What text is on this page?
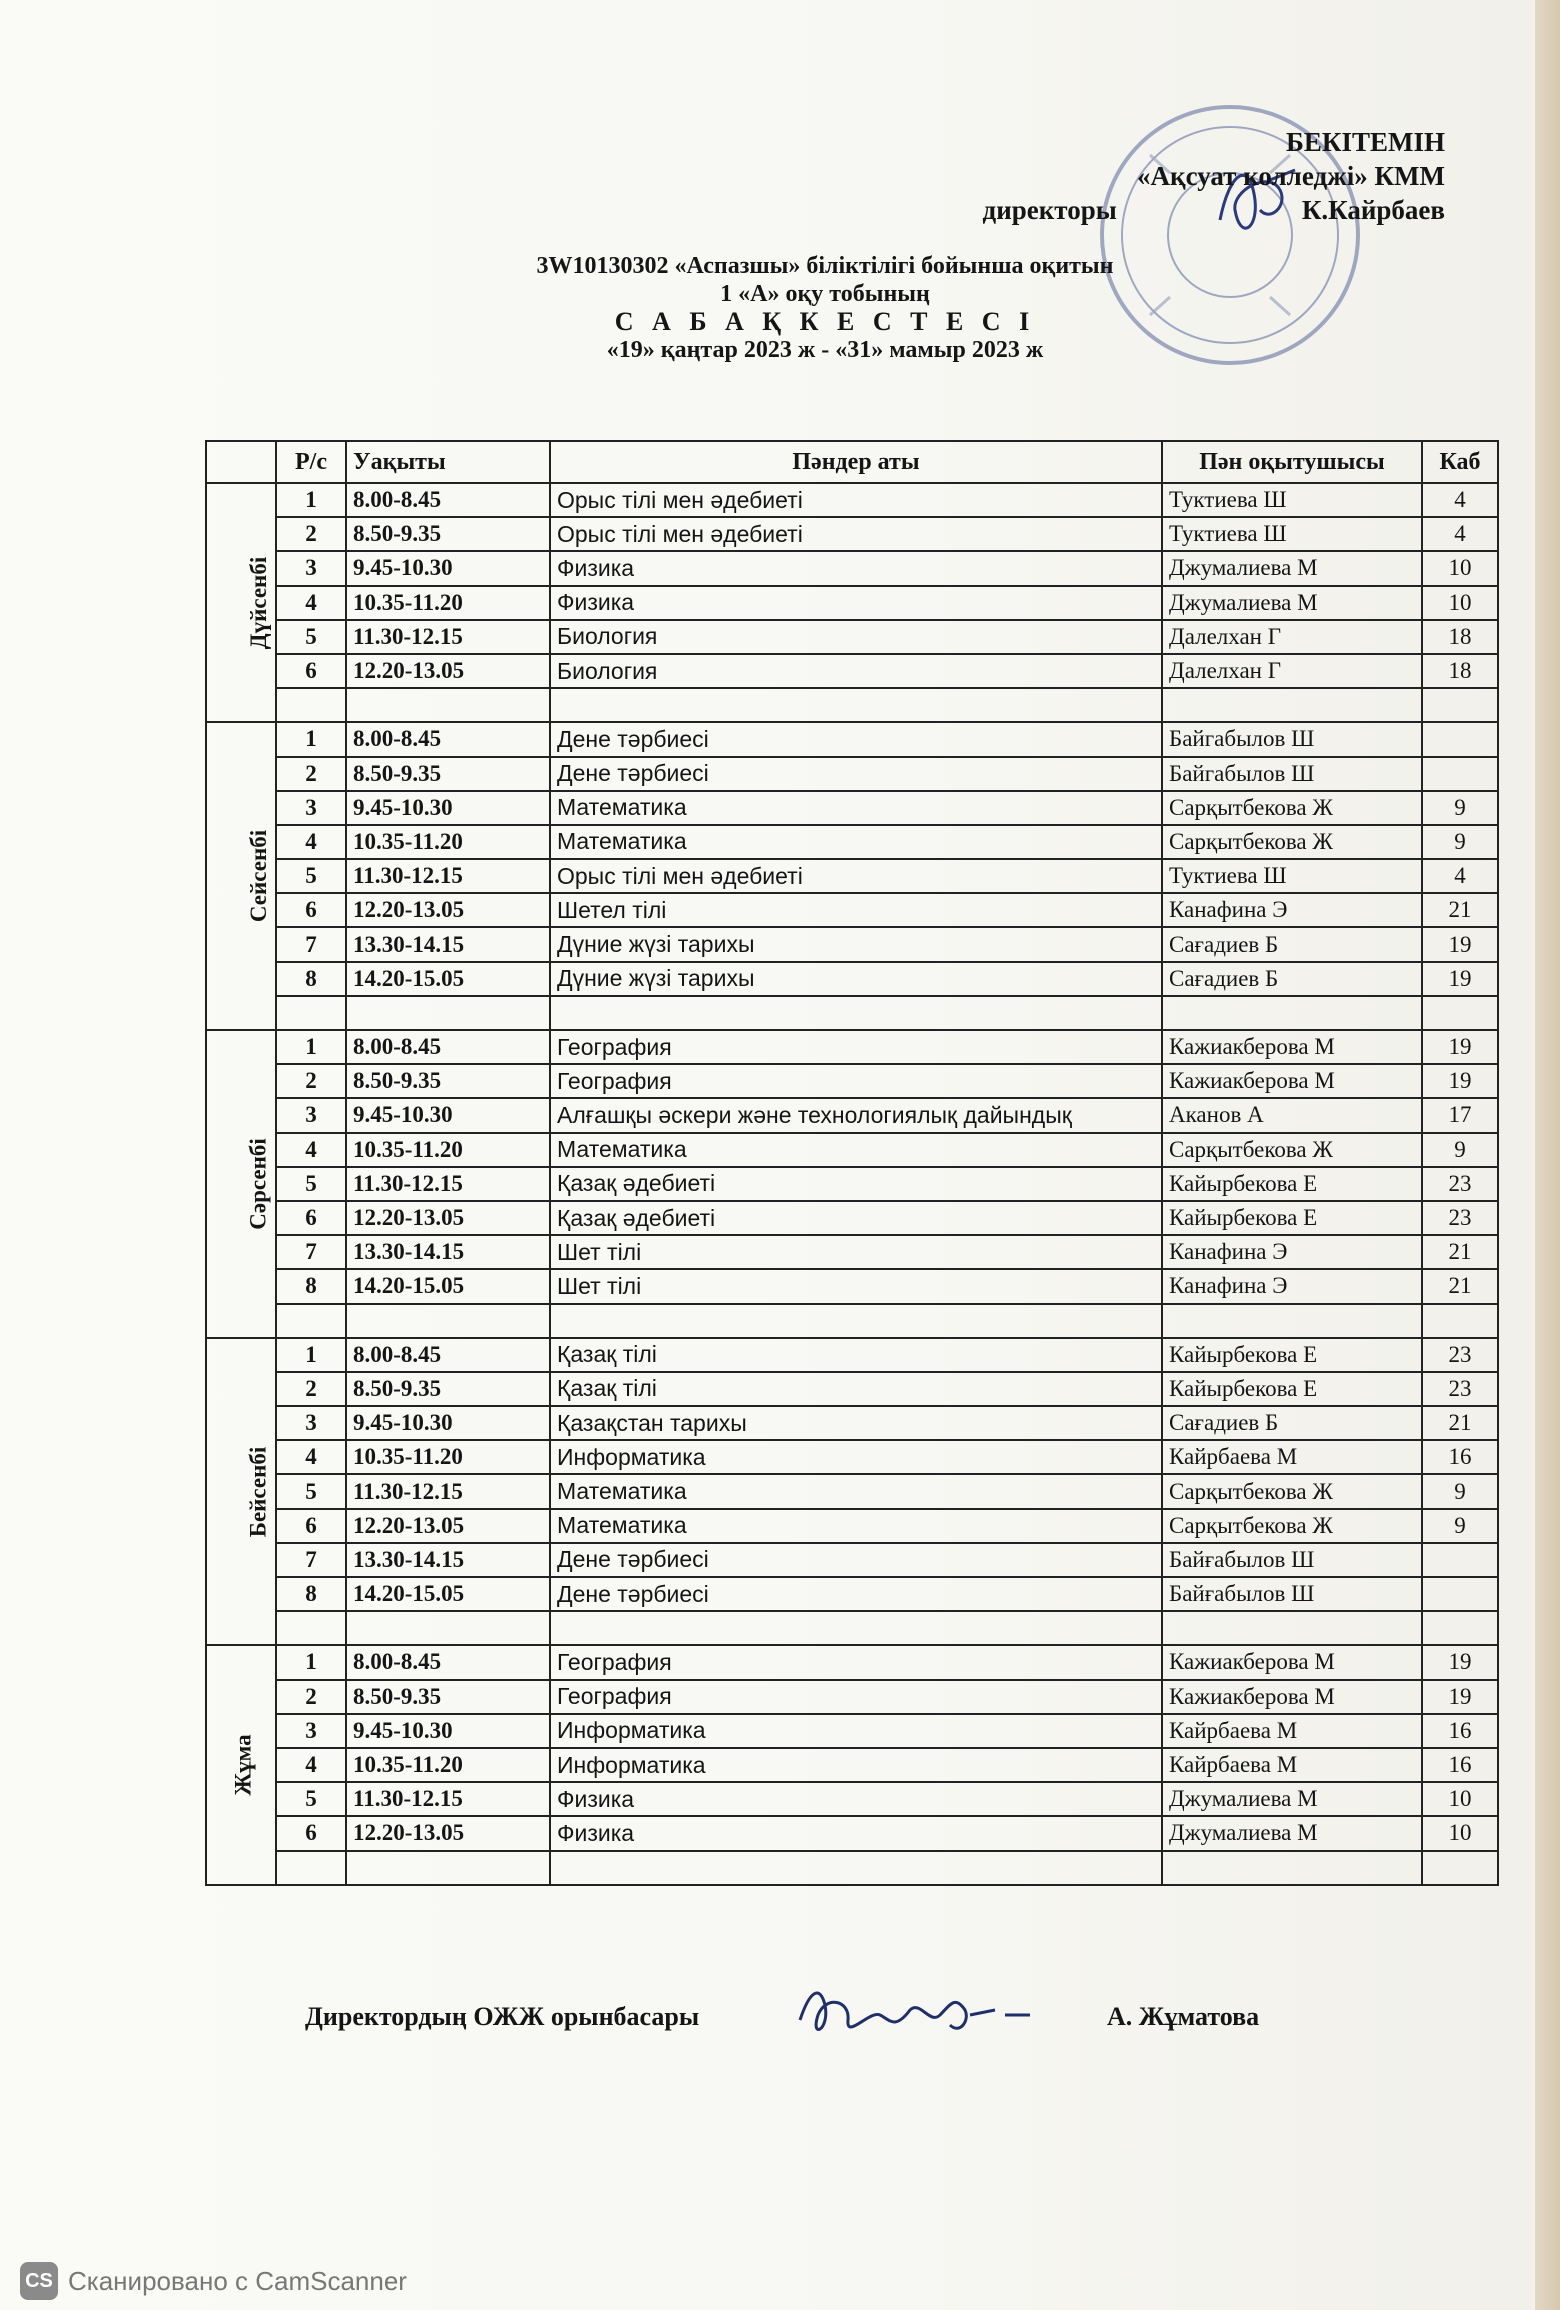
БЕКІТЕМІН
«Ақсуат колледжі» КММ
директоры	К.Кайрбаев
3W10130302 «Аспазшы» біліктілігі бойынша оқитын
1 «А» оқу тобының
С А Б А Қ К Е С Т Е С І
«19» қаңтар 2023 ж - «31» мамыр 2023 ж
	Р/с	Уақыты	Пәндер аты	Пән оқытушысы	Каб
Дүйсенбі	1	8.00-8.45	Орыс тілі мен әдебиеті	Туктиева Ш	4
	2	8.50-9.35	Орыс тілі мен әдебиеті	Туктиева Ш	4
	3	9.45-10.30	Физика	Джумалиева М	10
	4	10.35-11.20	Физика	Джумалиева М	10
	5	11.30-12.15	Биология	Далелхан Г	18
	6	12.20-13.05	Биология	Далелхан Г	18

Сейсенбі	1	8.00-8.45	Дене тәрбиесі	Байгабылов Ш	
	2	8.50-9.35	Дене тәрбиесі	Байгабылов Ш	
	3	9.45-10.30	Математика	Сарқытбекова Ж	9
	4	10.35-11.20	Математика	Сарқытбекова Ж	9
	5	11.30-12.15	Орыс тілі мен әдебиеті	Туктиева Ш	4
	6	12.20-13.05	Шетел тілі	Канафина Э	21
	7	13.30-14.15	Дүние жүзі тарихы	Сағадиев Б	19
	8	14.20-15.05	Дүние жүзі тарихы	Сағадиев Б	19

Сәрсенбі	1	8.00-8.45	География	Кажиакберова М	19
	2	8.50-9.35	География	Кажиакберова М	19
	3	9.45-10.30	Алғашқы әскери және технологиялық дайындық	Аканов А	17
	4	10.35-11.20	Математика	Сарқытбекова Ж	9
	5	11.30-12.15	Қазақ әдебиеті	Кайырбекова Е	23
	6	12.20-13.05	Қазақ әдебиеті	Кайырбекова Е	23
	7	13.30-14.15	Шет тілі	Канафина Э	21
	8	14.20-15.05	Шет тілі	Канафина Э	21

Бейсенбі	1	8.00-8.45	Қазақ тілі	Кайырбекова Е	23
	2	8.50-9.35	Қазақ тілі	Кайырбекова Е	23
	3	9.45-10.30	Қазақстан тарихы	Сағадиев Б	21
	4	10.35-11.20	Информатика	Кайрбаева М	16
	5	11.30-12.15	Математика	Сарқытбекова Ж	9
	6	12.20-13.05	Математика	Сарқытбекова Ж	9
	7	13.30-14.15	Дене тәрбиесі	Байғабылов Ш	
	8	14.20-15.05	Дене тәрбиесі	Байғабылов Ш	

Жұма	1	8.00-8.45	География	Кажиакберова М	19
	2	8.50-9.35	География	Кажиакберова М	19
	3	9.45-10.30	Информатика	Кайрбаева М	16
	4	10.35-11.20	Информатика	Кайрбаева М	16
	5	11.30-12.15	Физика	Джумалиева М	10
	6	12.20-13.05	Физика	Джумалиева М	10

Директордың ОЖЖ орынбасары	А. Жұматова
CS Сканировано с CamScanner
